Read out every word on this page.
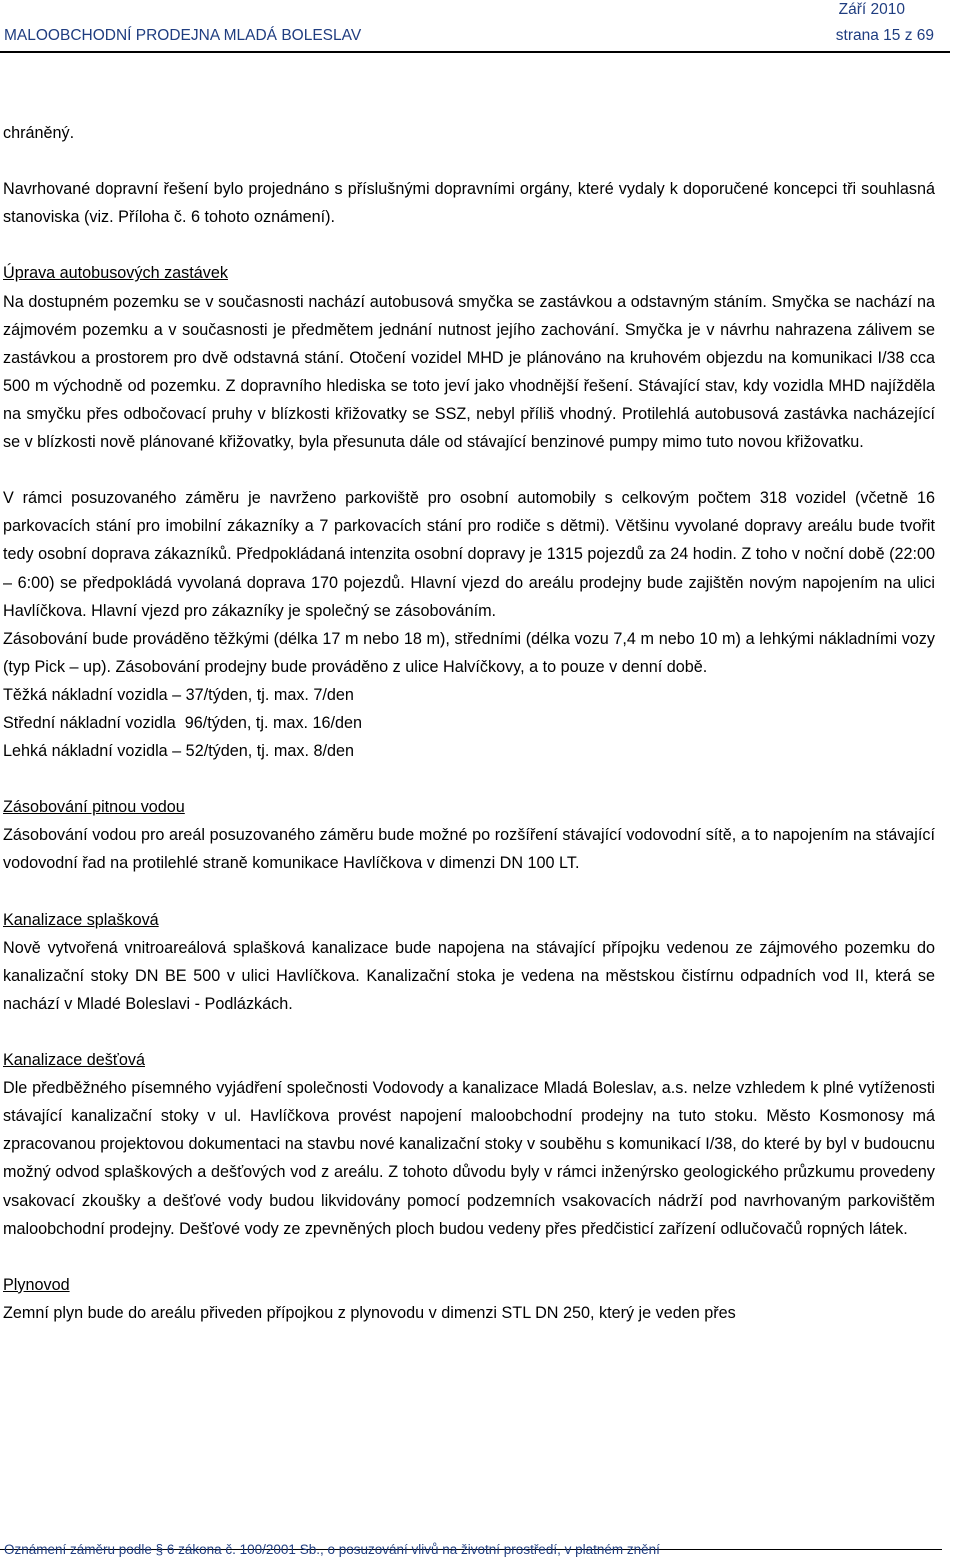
Září 2010
MALOOBCHODNÍ PRODEJNA MLADÁ BOLESLAV	strana 15 z 69

chráněný.

Navrhované dopravní řešení bylo projednáno s příslušnými dopravními orgány, které vydaly k doporučené koncepci tři souhlasná stanoviska (viz. Příloha č. 6 tohoto oznámení).

Úprava autobusových zastávek

Na dostupném pozemku se v současnosti nachází autobusová smyčka se zastávkou a odstavným stáním. Smyčka se nachází na zájmovém pozemku a v současnosti je předmětem jednání nutnost jejího zachování. Smyčka je v návrhu nahrazena zálivem se zastávkou a prostorem pro dvě odstavná stání. Otočení vozidel MHD je plánováno na kruhovém objezdu na komunikaci I/38 cca 500 m východně od pozemku. Z dopravního hlediska se toto jeví jako vhodnější řešení. Stávající stav, kdy vozidla MHD najížděla na smyčku přes odbočovací pruhy v blízkosti křižovatky se SSZ, nebyl příliš vhodný. Protilehlá autobusová zastávka nacházející se v blízkosti nově plánované křižovatky, byla přesunuta dále od stávající benzinové pumpy mimo tuto novou křižovatku.

V rámci posuzovaného záměru je navrženo parkoviště pro osobní automobily s celkovým počtem 318 vozidel (včetně 16 parkovacích stání pro imobilní zákazníky a 7 parkovacích stání pro rodiče s dětmi). Většinu vyvolané dopravy areálu bude tvořit tedy osobní doprava zákazníků. Předpokládaná intenzita osobní dopravy je 1315 pojezdů za 24 hodin. Z toho v noční době (22:00 – 6:00) se předpokládá vyvolaná doprava 170 pojezdů. Hlavní vjezd do areálu prodejny bude zajištěn novým napojením na ulici Havlíčkova. Hlavní vjezd pro zákazníky je společný se zásobováním.

Zásobování bude prováděno těžkými (délka 17 m nebo 18 m), středními (délka vozu 7,4 m nebo 10 m) a lehkými nákladními vozy (typ Pick – up). Zásobování prodejny bude prováděno z ulice Halvíčkovy, a to pouze v denní době.

Těžká nákladní vozidla – 37/týden, tj. max. 7/den

Střední nákladní vozidla  96/týden, tj. max. 16/den

Lehká nákladní vozidla – 52/týden, tj. max. 8/den

Zásobování pitnou vodou

Zásobování vodou pro areál posuzovaného záměru bude možné po rozšíření stávající vodovodní sítě, a to napojením na stávající vodovodní řad na protilehlé straně komunikace Havlíčkova v dimenzi DN 100 LT.

Kanalizace splašková

Nově vytvořená vnitroareálová splašková kanalizace bude napojena na stávající přípojku vedenou ze zájmového pozemku do kanalizační stoky DN BE 500 v ulici Havlíčkova. Kanalizační stoka je vedena na městskou čistírnu odpadních vod II, která se nachází v Mladé Boleslavi - Podlázkách.

Kanalizace dešťová

Dle předběžného písemného vyjádření společnosti Vodovody a kanalizace Mladá Boleslav, a.s. nelze vzhledem k plné vytíženosti stávající kanalizační stoky v ul. Havlíčkova provést napojení maloobchodní prodejny na tuto stoku. Město Kosmonosy má zpracovanou projektovou dokumentaci na stavbu nové kanalizační stoky v souběhu s komunikací I/38, do které by byl v budoucnu možný odvod splaškových a dešťových vod z areálu. Z tohoto důvodu byly v rámci inženýrsko geologického průzkumu provedeny vsakovací zkoušky a dešťové vody budou likvidovány pomocí podzemních vsakovacích nádrží pod navrhovaným parkovištěm maloobchodní prodejny. Dešťové vody ze zpevněných ploch budou vedeny přes předčisticí zařízení odlučovačů ropných látek.

Plynovod

Zemní plyn bude do areálu přiveden přípojkou z plynovodu v dimenzi STL DN 250, který je veden přes

Oznámení záměru podle § 6 zákona č. 100/2001 Sb., o posuzování vlivů na životní prostředí, v platném znění
